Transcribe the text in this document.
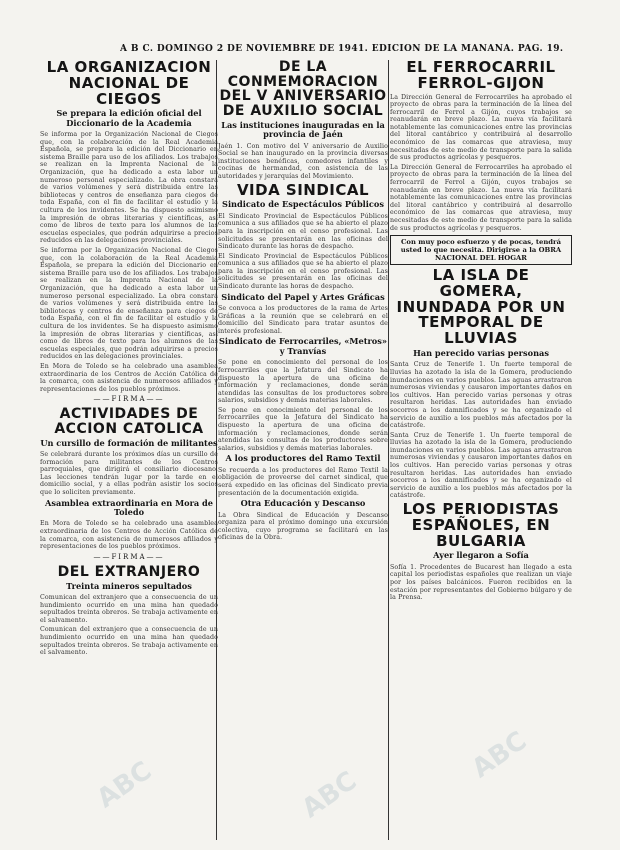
A B C. DOMINGO 2 DE NOVIEMBRE DE 1941. EDICION DE LA MAÑANA. PAG. 19.
LA ORGANIZACION NACIONAL DE CIEGOS
Se prepara la edición oficial del Diccionario de la Academia

Se informa por la Organización Nacional de Ciegos que, con la colaboración de la Real Academia Española, se prepara la edición del Diccionario en sistema Braille para uso de los afiliados. Los trabajos se realizan en la Imprenta Nacional de la Organización, que ha dedicado a esta labor un numeroso personal especializado. La obra constará de varios volúmenes y será distribuida entre las bibliotecas y centros de enseñanza para ciegos de toda España, con el fin de facilitar el estudio y la cultura de los invidentes. Se ha dispuesto asimismo la impresión de obras literarias y científicas, así como de libros de texto para los alumnos de las escuelas especiales, que podrán adquirirse a precios reducidos en las delegaciones provinciales.

Se informa por la Organización Nacional de Ciegos que, con la colaboración de la Real Academia Española, se prepara la edición del Diccionario en sistema Braille para uso de los afiliados. Los trabajos se realizan en la Imprenta Nacional de la Organización, que ha dedicado a esta labor un numeroso personal especializado. La obra constará de varios volúmenes y será distribuida entre las bibliotecas y centros de enseñanza para ciegos de toda España, con el fin de facilitar el estudio y la cultura de los invidentes. Se ha dispuesto asimismo la impresión de obras literarias y científicas, así como de libros de texto para los alumnos de las escuelas especiales, que podrán adquirirse a precios reducidos en las delegaciones provinciales.

En Mora de Toledo se ha celebrado una asamblea extraordinaria de los Centros de Acción Católica de la comarca, con asistencia de numerosos afiliados y representaciones de los pueblos próximos.

——FIRMA——
ACTIVIDADES DE ACCION CATOLICA
Un cursillo de formación de militantes

Se celebrará durante los próximos días un cursillo de formación para militantes de los Centros parroquiales, que dirigirá el consiliario diocesano. Las lecciones tendrán lugar por la tarde en el domicilio social, y a ellas podrán asistir los socios que lo soliciten previamente.

Asamblea extraordinaria en Mora de Toledo

En Mora de Toledo se ha celebrado una asamblea extraordinaria de los Centros de Acción Católica de la comarca, con asistencia de numerosos afiliados y representaciones de los pueblos próximos.

——FIRMA——
DEL EXTRANJERO
Treinta mineros sepultados

Comunican del extranjero que a consecuencia de un hundimiento ocurrido en una mina han quedado sepultados treinta obreros. Se trabaja activamente en el salvamento.

Comunican del extranjero que a consecuencia de un hundimiento ocurrido en una mina han quedado sepultados treinta obreros. Se trabaja activamente en el salvamento.

DE LA CONMEMORACION DEL V ANIVERSARIO DE AUXILIO SOCIAL
Las instituciones inauguradas en la provincia de Jaén

Jaén 1. Con motivo del V aniversario de Auxilio Social se han inaugurado en la provincia diversas instituciones benéficas, comedores infantiles y cocinas de hermandad, con asistencia de las autoridades y jerarquías del Movimiento.

VIDA SINDICAL
Sindicato de Espectáculos Públicos

El Sindicato Provincial de Espectáculos Públicos comunica a sus afiliados que se ha abierto el plazo para la inscripción en el censo profesional. Las solicitudes se presentarán en las oficinas del Sindicato durante las horas de despacho.

El Sindicato Provincial de Espectáculos Públicos comunica a sus afiliados que se ha abierto el plazo para la inscripción en el censo profesional. Las solicitudes se presentarán en las oficinas del Sindicato durante las horas de despacho.

Sindicato del Papel y Artes Gráficas

Se convoca a los productores de la rama de Artes Gráficas a la reunión que se celebrará en el domicilio del Sindicato para tratar asuntos de interés profesional.

Sindicato de Ferrocarriles, «Metros» y Tranvías

Se pone en conocimiento del personal de los ferrocarriles que la Jefatura del Sindicato ha dispuesto la apertura de una oficina de información y reclamaciones, donde serán atendidas las consultas de los productores sobre salarios, subsidios y demás materias laborales.

Se pone en conocimiento del personal de los ferrocarriles que la Jefatura del Sindicato ha dispuesto la apertura de una oficina de información y reclamaciones, donde serán atendidas las consultas de los productores sobre salarios, subsidios y demás materias laborales.

A los productores del Ramo Textil

Se recuerda a los productores del Ramo Textil la obligación de proveerse del carnet sindical, que será expedido en las oficinas del Sindicato previa presentación de la documentación exigida.

Otra Educación y Descanso

La Obra Sindical de Educación y Descanso organiza para el próximo domingo una excursión colectiva, cuyo programa se facilitará en las oficinas de la Obra.

EL FERROCARRIL FERROL-GIJON

La Dirección General de Ferrocarriles ha aprobado el proyecto de obras para la terminación de la línea del ferrocarril de Ferrol a Gijón, cuyos trabajos se reanudarán en breve plazo. La nueva vía facilitará notablemente las comunicaciones entre las provincias del litoral cantábrico y contribuirá al desarrollo económico de las comarcas que atraviesa, muy necesitadas de este medio de transporte para la salida de sus productos agrícolas y pesqueros.

La Dirección General de Ferrocarriles ha aprobado el proyecto de obras para la terminación de la línea del ferrocarril de Ferrol a Gijón, cuyos trabajos se reanudarán en breve plazo. La nueva vía facilitará notablemente las comunicaciones entre las provincias del litoral cantábrico y contribuirá al desarrollo económico de las comarcas que atraviesa, muy necesitadas de este medio de transporte para la salida de sus productos agrícolas y pesqueros.

Con muy poco esfuerzo y de pocas, tendrá usted lo que necesita. Dirigirse a la OBRA NACIONAL DEL HOGAR
LA ISLA DE GOMERA, INUNDADA POR UN TEMPORAL DE LLUVIAS
Han perecido varias personas

Santa Cruz de Tenerife 1. Un fuerte temporal de lluvias ha azotado la isla de la Gomera, produciendo inundaciones en varios pueblos. Las aguas arrastraron numerosas viviendas y causaron importantes daños en los cultivos. Han perecido varias personas y otras resultaron heridas. Las autoridades han enviado socorros a los damnificados y se ha organizado el servicio de auxilio a los pueblos más afectados por la catástrofe.

Santa Cruz de Tenerife 1. Un fuerte temporal de lluvias ha azotado la isla de la Gomera, produciendo inundaciones en varios pueblos. Las aguas arrastraron numerosas viviendas y causaron importantes daños en los cultivos. Han perecido varias personas y otras resultaron heridas. Las autoridades han enviado socorros a los damnificados y se ha organizado el servicio de auxilio a los pueblos más afectados por la catástrofe.

LOS PERIODISTAS ESPAÑOLES, EN BULGARIA
Ayer llegaron a Sofía

Sofía 1. Procedentes de Bucarest han llegado a esta capital los periodistas españoles que realizan un viaje por los países balcánicos. Fueron recibidos en la estación por representantes del Gobierno búlgaro y de la Prensa.

ABC	ABC
ABC
